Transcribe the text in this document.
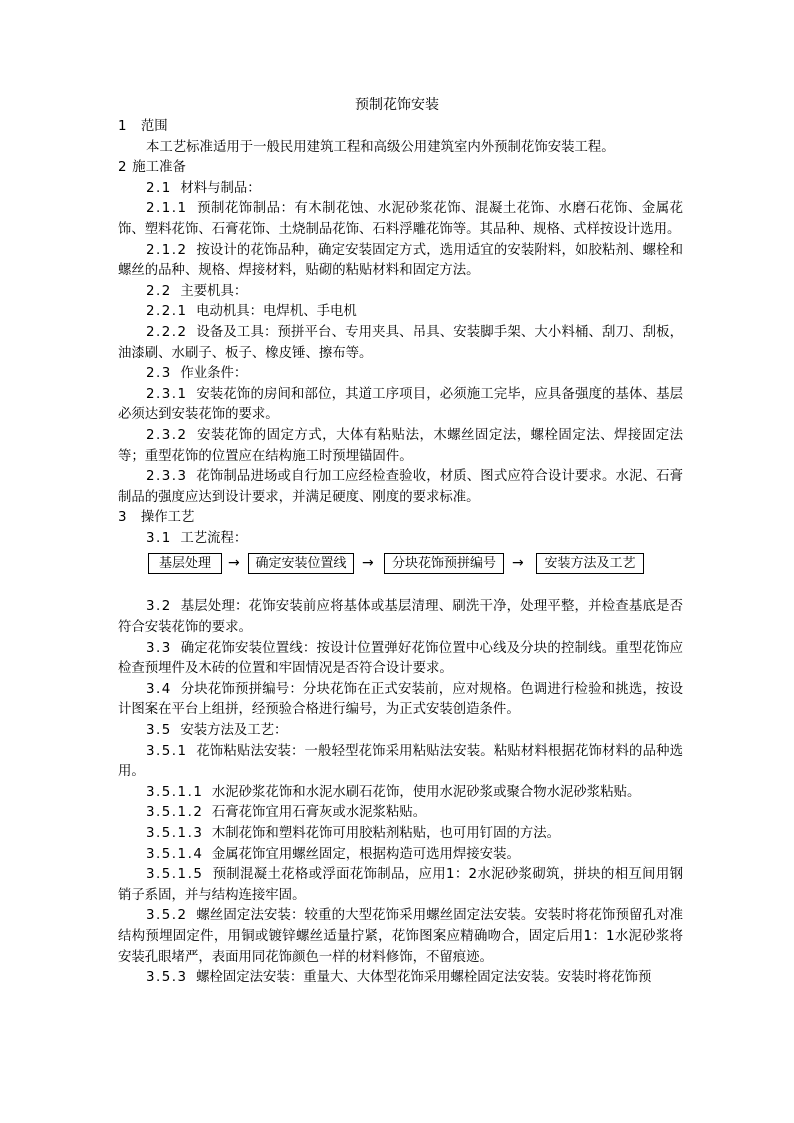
预制花饰安装

1 范围

本工艺标准适用于一般民用建筑工程和高级公用建筑室内外预制花饰安装工程。

2 施工准备

2.1 材料与制品：

2.1.1 预制花饰制品：有木制花蚀、水泥砂浆花饰、混凝土花饰、水磨石花饰、金属花饰、塑料花饰、石膏花饰、土烧制品花饰、石料浮雕花饰等。其品种、规格、式样按设计选用。

2.1.2 按设计的花饰品种，确定安装固定方式，选用适宜的安装附料，如胶粘剂、螺栓和螺丝的品种、规格、焊接材料，贴砌的粘贴材料和固定方法。

2.2 主要机具：

2.2.1 电动机具：电焊机、手电机

2.2.2 设备及工具：预拼平台、专用夹具、吊具、安装脚手架、大小料桶、刮刀、刮板，油漆刷、水刷子、板子、橡皮锤、擦布等。

2.3 作业条件：

2.3.1 安装花饰的房间和部位，其道工序项目，必须施工完毕，应具备强度的基体、基层必须达到安装花饰的要求。

2.3.2 安装花饰的固定方式，大体有粘贴法，木螺丝固定法，螺栓固定法、焊接固定法等；重型花饰的位置应在结构施工时预埋锚固件。

2.3.3 花饰制品进场或自行加工应经检查验收，材质、图式应符合设计要求。水泥、石膏制品的强度应达到设计要求，并满足硬度、刚度的要求标准。

3 操作工艺

3.1 工艺流程：

基层处理	→	确定安装位置线	→	分块花饰预拼编号	→	安装方法及工艺

3.2 基层处理：花饰安装前应将基体或基层清理、刷洗干净，处理平整，并检查基底是否符合安装花饰的要求。

3.3 确定花饰安装位置线：按设计位置弹好花饰位置中心线及分块的控制线。重型花饰应检查预埋件及木砖的位置和牢固情况是否符合设计要求。

3.4 分块花饰预拼编号：分块花饰在正式安装前，应对规格。色调进行检验和挑选，按设计图案在平台上组拼，经预验合格进行编号，为正式安装创造条件。

3.5 安装方法及工艺：

3.5.1 花饰粘贴法安装：一般轻型花饰采用粘贴法安装。粘贴材料根据花饰材料的品种选用。

3.5.1.1 水泥砂浆花饰和水泥水刷石花饰，使用水泥砂浆或聚合物水泥砂浆粘贴。

3.5.1.2 石膏花饰宜用石膏灰或水泥浆粘贴。

3.5.1.3 木制花饰和塑料花饰可用胶粘剂粘贴，也可用钉固的方法。

3.5.1.4 金属花饰宜用螺丝固定，根据构造可选用焊接安装。

3.5.1.5 预制混凝土花格或浮面花饰制品，应用1：2水泥砂浆砌筑，拼块的相互间用钢销子系固，并与结构连接牢固。

3.5.2 螺丝固定法安装：较重的大型花饰采用螺丝固定法安装。安装时将花饰预留孔对准结构预埋固定件，用铜或镀锌螺丝适量拧紧，花饰图案应精确吻合，固定后用1：1水泥砂浆将安装孔眼堵严，表面用同花饰颜色一样的材料修饰，不留痕迹。

3.5.3 螺栓固定法安装：重量大、大体型花饰采用螺栓固定法安装。安装时将花饰预
